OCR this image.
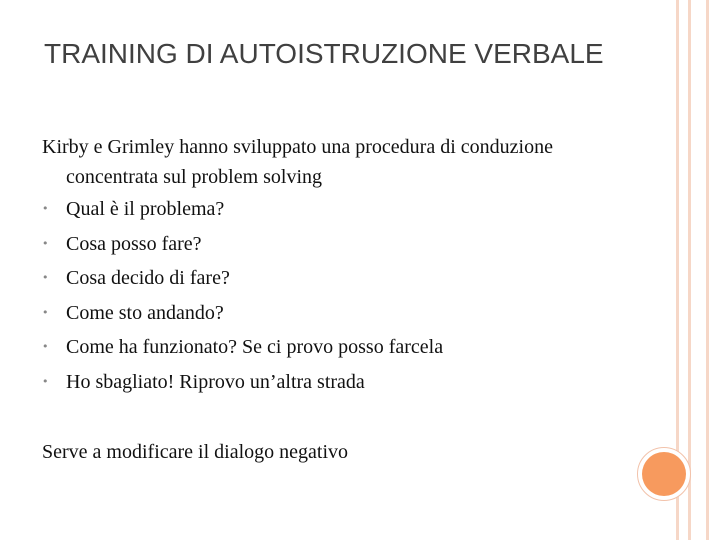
TRAINING DI AUTOISTRUZIONE VERBALE

Kirby e Grimley hanno sviluppato una procedura di conduzione concentrata sul problem solving

• Qual è il problema?
• Cosa posso fare?
• Cosa decido di fare?
• Come sto andando?
• Come ha funzionato? Se ci provo posso farcela
• Ho sbagliato! Riprovo un’altra strada

Serve a modificare il dialogo negativo
